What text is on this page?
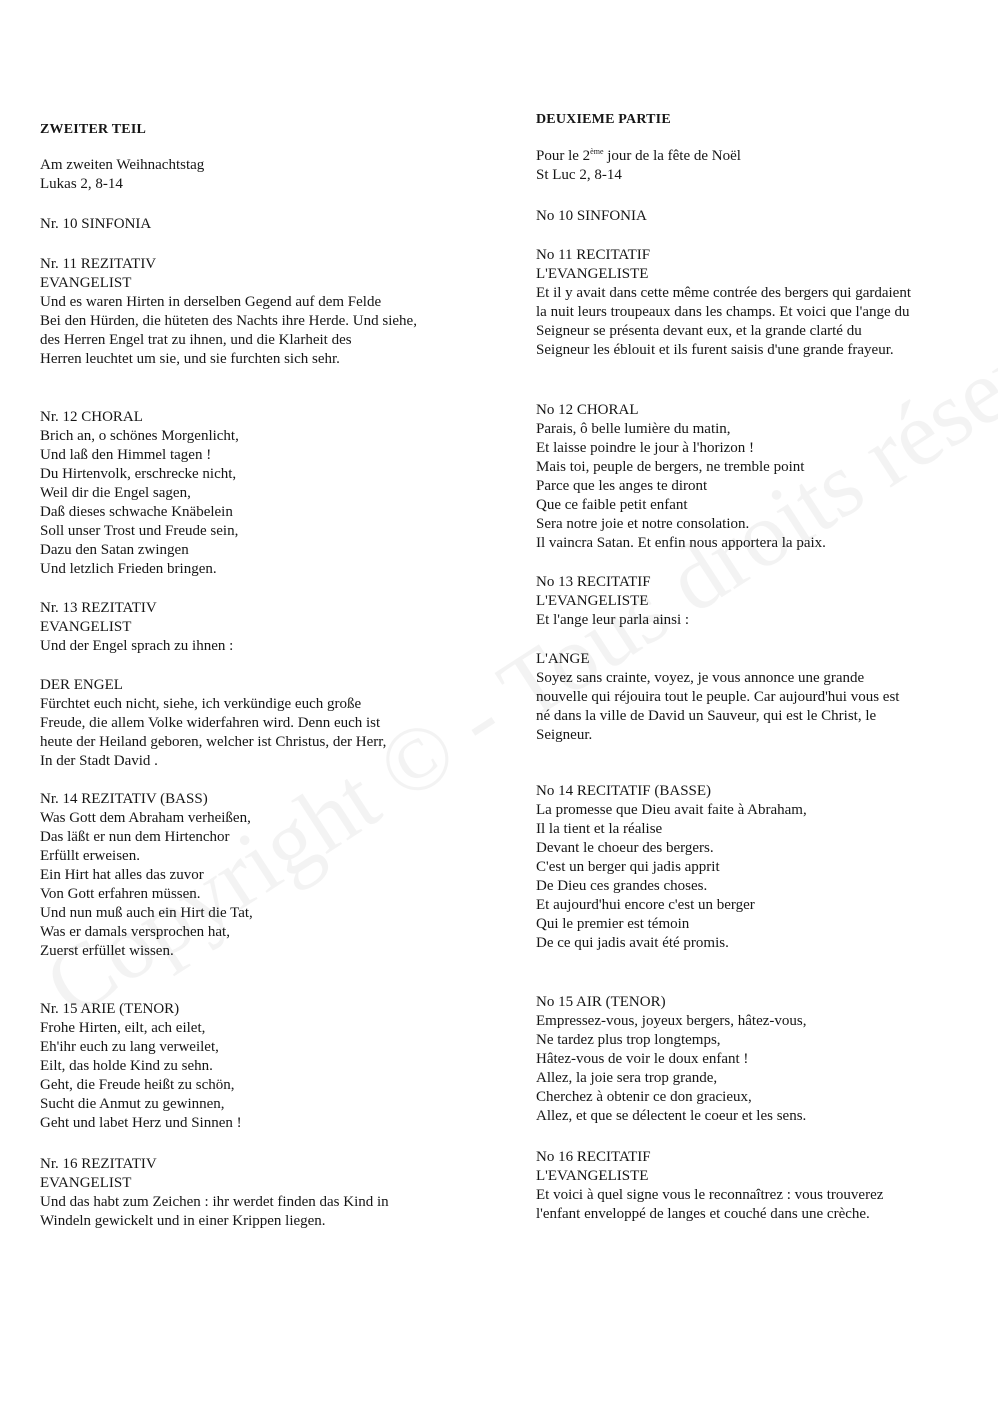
ZWEITER TEIL
Am zweiten Weihnachtstag
Lukas 2, 8-14
Nr. 10 SINFONIA
Nr. 11 REZITATIV
EVANGELIST
Und es waren Hirten in derselben Gegend auf dem Felde
Bei den Hürden, die hüteten des Nachts ihre Herde. Und siehe,
des Herren Engel trat zu ihnen, und die Klarheit des
Herren leuchtet um sie, und sie furchten sich sehr.
Nr. 12 CHORAL
Brich an, o schönes Morgenlicht,
Und laß den Himmel tagen !
Du Hirtenvolk, erschrecke nicht,
Weil dir die Engel sagen,
Daß dieses schwache Knäbelein
Soll unser Trost und Freude sein,
Dazu den Satan zwingen
Und letzlich Frieden bringen.
Nr. 13 REZITATIV
EVANGELIST
Und der Engel sprach zu ihnen :
DER ENGEL
Fürchtet euch nicht, siehe, ich verkündige euch große
Freude, die allem Volke widerfahren wird. Denn euch ist
heute der Heiland geboren, welcher ist Christus, der Herr,
In der Stadt David .
Nr. 14 REZITATIV (BASS)
Was Gott dem Abraham verheißen,
Das läßt er nun dem Hirtenchor
Erfüllt erweisen.
Ein Hirt hat alles das zuvor
Von Gott erfahren müssen.
Und nun muß auch ein Hirt die Tat,
Was er damals versprochen hat,
Zuerst erfüllet wissen.
Nr. 15 ARIE (TENOR)
Frohe Hirten, eilt, ach eilet,
Eh'ihr euch zu lang verweilet,
Eilt, das holde Kind zu sehn.
Geht, die Freude heißt zu schön,
Sucht die Anmut zu gewinnen,
Geht und labet Herz und Sinnen !
Nr. 16 REZITATIV
EVANGELIST
Und das habt zum Zeichen : ihr werdet finden das Kind in
Windeln gewickelt und in einer Krippen liegen.
DEUXIEME PARTIE
Pour le 2ème jour de la fête de Noël
St Luc 2, 8-14
No 10 SINFONIA
No 11 RECITATIF
L'EVANGELISTE
Et il y avait dans cette même contrée des bergers qui gardaient
la nuit leurs troupeaux dans les champs. Et voici que l'ange du
Seigneur se présenta devant eux, et la grande clarté du
Seigneur les éblouit et ils furent saisis d'une grande frayeur.
No 12 CHORAL
Parais, ô belle lumière du matin,
Et laisse poindre le jour à l'horizon !
Mais toi, peuple de bergers, ne tremble point
Parce que les anges te diront
Que ce faible petit enfant
Sera notre joie et notre consolation.
Il vaincra Satan. Et enfin nous apportera la paix.
No 13 RECITATIF
L'EVANGELISTE
Et l'ange leur parla ainsi :
L'ANGE
Soyez sans crainte, voyez, je vous annonce une grande
nouvelle qui réjouira tout le peuple. Car aujourd'hui vous est
né dans la ville de David un Sauveur, qui est le Christ, le
Seigneur.
No 14 RECITATIF (BASSE)
La promesse que Dieu avait faite à Abraham,
Il la tient et la réalise
Devant le choeur des bergers.
C'est un berger qui jadis apprit
De Dieu ces grandes choses.
Et aujourd'hui encore c'est un berger
Qui le premier est témoin
De ce qui jadis avait été promis.
No 15 AIR (TENOR)
Empressez-vous, joyeux bergers, hâtez-vous,
Ne tardez plus trop longtemps,
Hâtez-vous de voir le doux enfant !
Allez, la joie sera trop grande,
Cherchez à obtenir ce don gracieux,
Allez, et que se délectent le coeur et les sens.
No 16 RECITATIF
L'EVANGELISTE
Et voici à quel signe vous le reconnaîtrez : vous trouverez
l'enfant enveloppé de langes et couché dans une crèche.
